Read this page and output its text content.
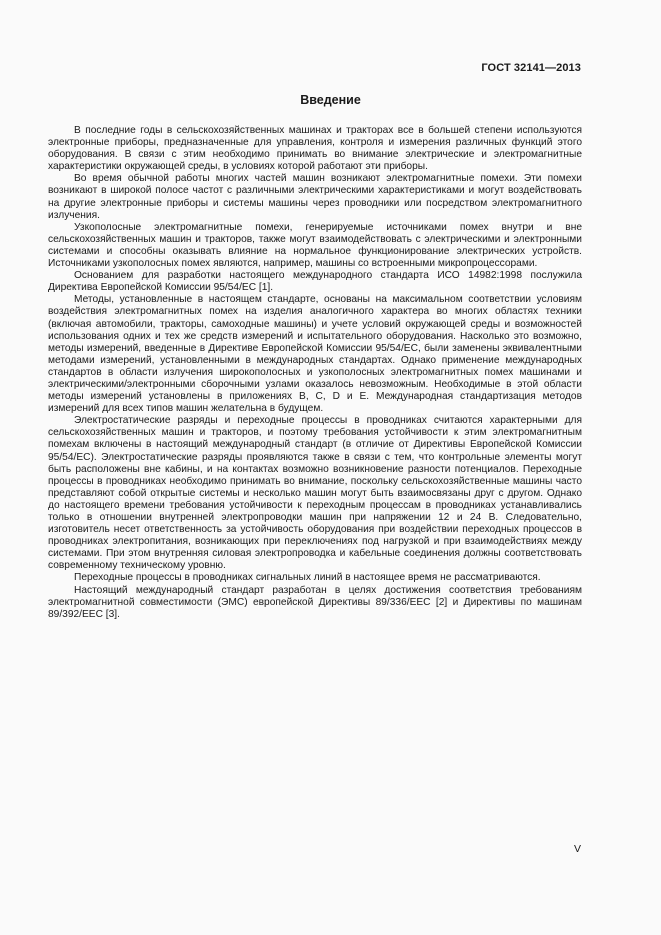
ГОСТ 32141—2013
Введение

В последние годы в сельскохозяйственных машинах и тракторах все в большей степени используются электронные приборы, предназначенные для управления, контроля и измерения различных функций этого оборудования. В связи с этим необходимо принимать во внимание электрические и электромагнитные характеристики окружающей среды, в условиях которой работают эти приборы.

Во время обычной работы многих частей машин возникают электромагнитные помехи. Эти помехи возникают в широкой полосе частот с различными электрическими характеристиками и могут воздействовать на другие электронные приборы и системы машины через проводники или посредством электромагнитного излучения.

Узкополосные электромагнитные помехи, генерируемые источниками помех внутри и вне сельскохозяйственных машин и тракторов, также могут взаимодействовать с электрическими и электронными системами и способны оказывать влияние на нормальное функционирование электрических устройств. Источниками узкополосных помех являются, например, машины со встроенными микропроцессорами.

Основанием для разработки настоящего международного стандарта ИСО 14982:1998 послужила Директива Европейской Комиссии 95/54/ЕС [1].

Методы, установленные в настоящем стандарте, основаны на максимальном соответствии условиям воздействия электромагнитных помех на изделия аналогичного характера во многих областях техники (включая автомобили, тракторы, самоходные машины) и учете условий окружающей среды и возможностей использования одних и тех же средств измерений и испытательного оборудования. Насколько это возможно, методы измерений, введенные в Директиве Европейской Комиссии 95/54/EC, были заменены эквивалентными методами измерений, установленными в международных стандартах. Однако применение международных стандартов в области излучения широкополосных и узкополосных электромагнитных помех машинами и электрическими/электронными сборочными узлами оказалось невозможным. Необходимые в этой области методы измерений установлены в приложениях В, С, D и Е. Международная стандартизация методов измерений для всех типов машин желательна в будущем.

Электростатические разряды и переходные процессы в проводниках считаются характерными для сельскохозяйственных машин и тракторов, и поэтому требования устойчивости к этим электромагнитным помехам включены в настоящий международный стандарт (в отличие от Директивы Европейской Комиссии 95/54/ЕС). Электростатические разряды проявляются также в связи с тем, что контрольные элементы могут быть расположены вне кабины, и на контактах возможно возникновение разности потенциалов. Переходные процессы в проводниках необходимо принимать во внимание, поскольку сельскохозяйственные машины часто представляют собой открытые системы и несколько машин могут быть взаимосвязаны друг с другом. Однако до настоящего времени требования устойчивости к переходным процессам в проводниках устанавливались только в отношении внутренней электропроводки машин при напряжении 12 и 24 В. Следовательно, изготовитель несет ответственность за устойчивость оборудования при воздействии переходных процессов в проводниках электропитания, возникающих при переключениях под нагрузкой и при взаимодействиях между системами. При этом внутренняя силовая электропроводка и кабельные соединения должны соответствовать современному техническому уровню.

Переходные процессы в проводниках сигнальных линий в настоящее время не рассматриваются.

Настоящий международный стандарт разработан в целях достижения соответствия требованиям электромагнитной совместимости (ЭМС) европейской Директивы 89/336/ЕЕС [2] и Директивы по машинам 89/392/ЕЕС [3].

V
